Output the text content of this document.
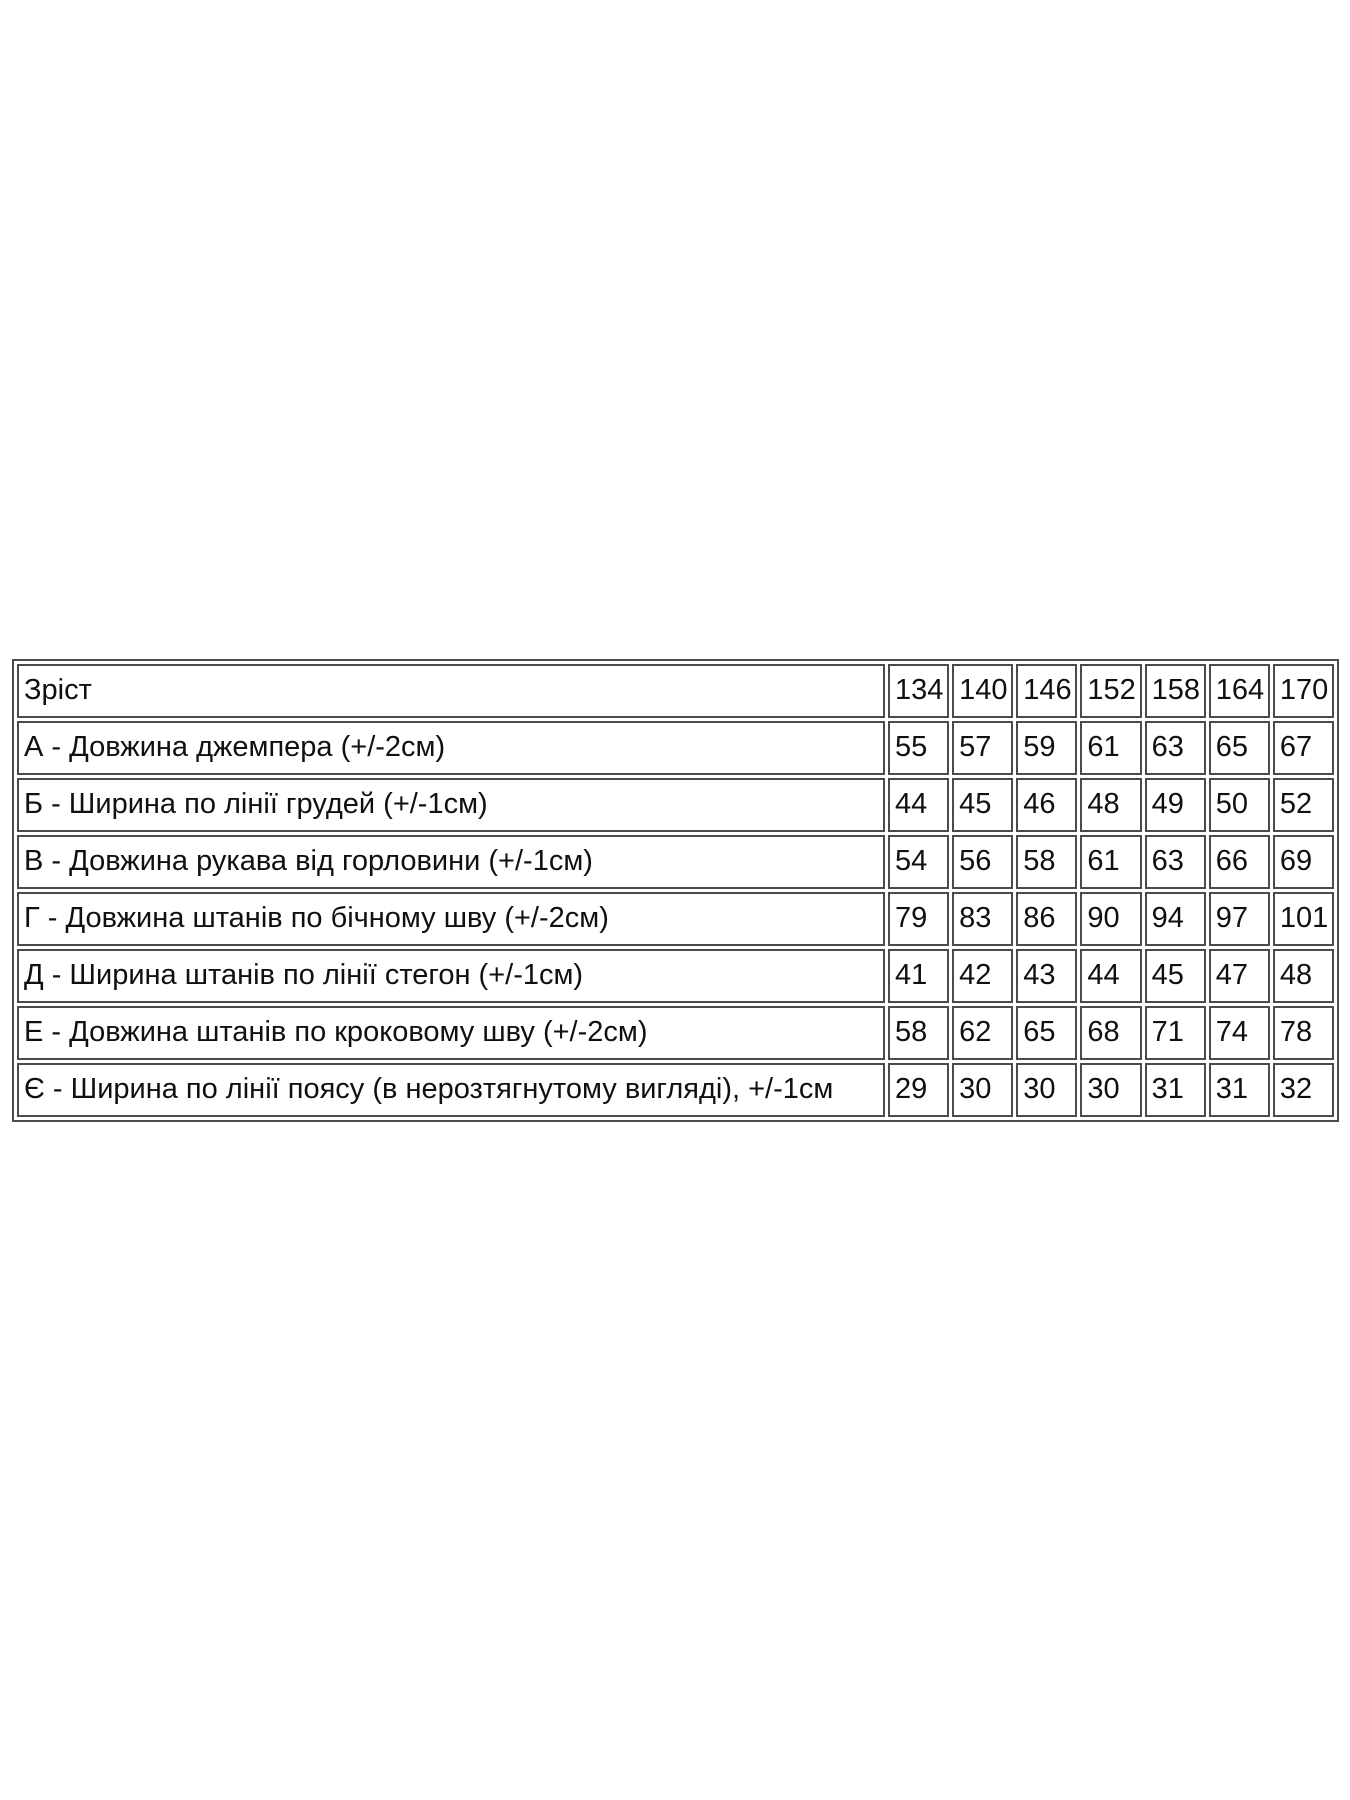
Зріст	134	140	146	152	158	164	170
А - Довжина джемпера (+/-2см)	55	57	59	61	63	65	67
Б - Ширина по лінії грудей (+/-1см)	44	45	46	48	49	50	52
В - Довжина рукава від горловини (+/-1см)	54	56	58	61	63	66	69
Г - Довжина штанів по бічному шву (+/-2см)	79	83	86	90	94	97	101
Д - Ширина штанів по лінії стегон (+/-1см)	41	42	43	44	45	47	48
Е - Довжина штанів по кроковому шву (+/-2см)	58	62	65	68	71	74	78
Є - Ширина по лінії поясу (в нерозтягнутому вигляді), +/-1см	29	30	30	30	31	31	32
